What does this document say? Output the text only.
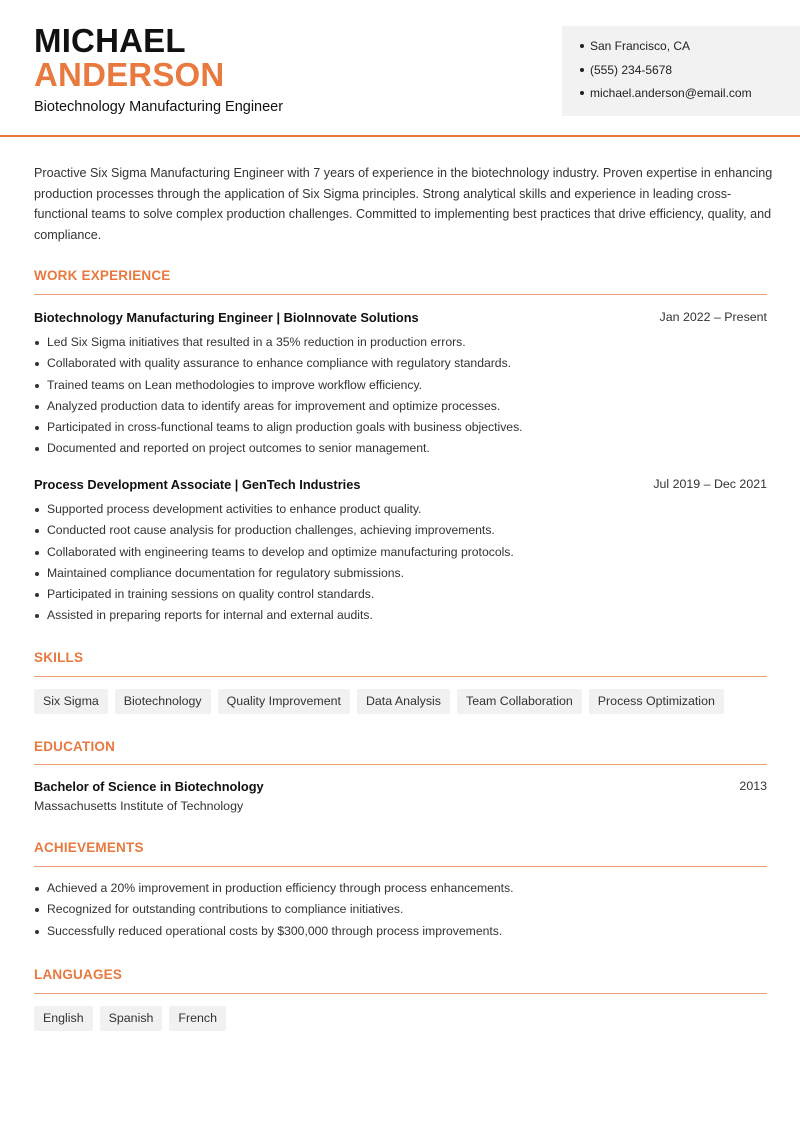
MICHAEL
ANDERSON
Biotechnology Manufacturing Engineer
San Francisco, CA
(555) 234-5678
michael.anderson@email.com

Proactive Six Sigma Manufacturing Engineer with 7 years of experience in the biotechnology industry. Proven expertise in enhancing production processes through the application of Six Sigma principles. Strong analytical skills and experience in leading cross-functional teams to solve complex production challenges. Committed to implementing best practices that drive efficiency, quality, and compliance.

WORK EXPERIENCE
Biotechnology Manufacturing Engineer | BioInnovate Solutions	Jan 2022 – Present
Led Six Sigma initiatives that resulted in a 35% reduction in production errors.
Collaborated with quality assurance to enhance compliance with regulatory standards.
Trained teams on Lean methodologies to improve workflow efficiency.
Analyzed production data to identify areas for improvement and optimize processes.
Participated in cross-functional teams to align production goals with business objectives.
Documented and reported on project outcomes to senior management.
Process Development Associate | GenTech Industries	Jul 2019 – Dec 2021
Supported process development activities to enhance product quality.
Conducted root cause analysis for production challenges, achieving improvements.
Collaborated with engineering teams to develop and optimize manufacturing protocols.
Maintained compliance documentation for regulatory submissions.
Participated in training sessions on quality control standards.
Assisted in preparing reports for internal and external audits.
SKILLS
Six Sigma	Biotechnology	Quality Improvement	Data Analysis	Team Collaboration	Process Optimization
EDUCATION
Bachelor of Science in Biotechnology	2013
Massachusetts Institute of Technology
ACHIEVEMENTS
Achieved a 20% improvement in production efficiency through process enhancements.
Recognized for outstanding contributions to compliance initiatives.
Successfully reduced operational costs by $300,000 through process improvements.
LANGUAGES
English	Spanish	French
